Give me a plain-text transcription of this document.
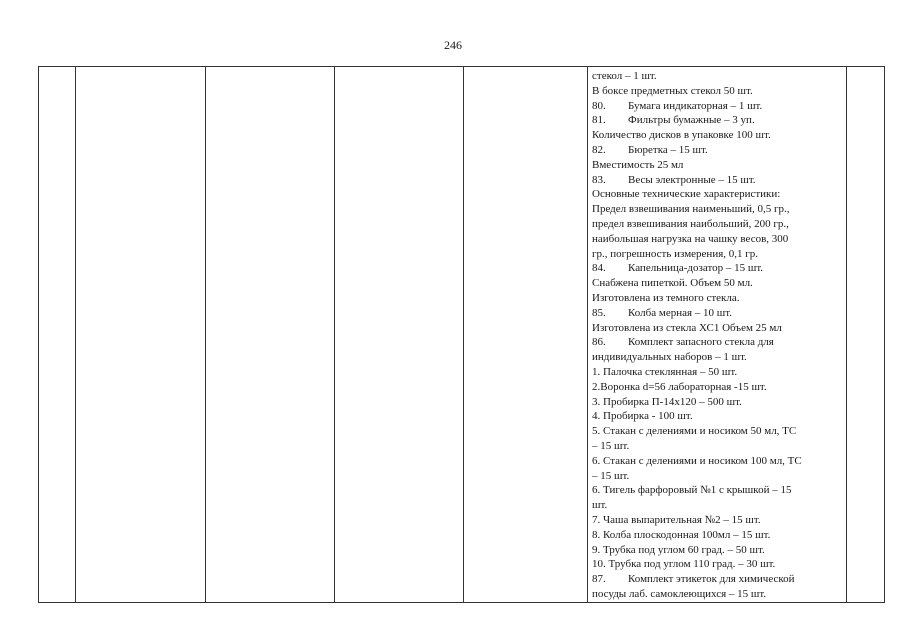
246

стекол – 1 шт.
В боксе предметных стекол 50 шт.
80. Бумага индикаторная – 1 шт.
81. Фильтры бумажные – 3 уп.
Количество дисков в упаковке 100 шт.
82. Бюретка – 15 шт.
Вместимость 25 мл
83. Весы электронные – 15 шт.
Основные технические характеристики:
Предел взвешивания наименьший, 0,5 гр.,
предел взвешивания наибольший, 200 гр.,
наибольшая нагрузка на чашку весов, 300
гр., погрешность измерения, 0,1 гр.
84. Капельница-дозатор – 15 шт.
Снабжена пипеткой. Объем 50 мл.
Изготовлена из темного стекла.
85. Колба мерная – 10 шт.
Изготовлена из стекла ХС1 Объем 25 мл
86. Комплект запасного стекла для
индивидуальных наборов – 1 шт.
1. Палочка стеклянная – 50 шт.
2.Воронка d=56 лабораторная -15 шт.
3. Пробирка П-14х120 – 500 шт.
4. Пробирка - 100 шт.
5. Стакан с делениями и носиком 50 мл, ТС
– 15 шт.
6. Стакан с делениями и носиком 100 мл, ТС
– 15 шт.
6. Тигель фарфоровый №1 с крышкой – 15
шт.
7. Чаша выпарительная №2 – 15 шт.
8. Колба плоскодонная 100мл – 15 шт.
9. Трубка под углом 60 град. – 50 шт.
10. Трубка под углом 110 град. – 30 шт.
87. Комплект этикеток для химической
посуды лаб. самоклеющихся – 15 шт.
